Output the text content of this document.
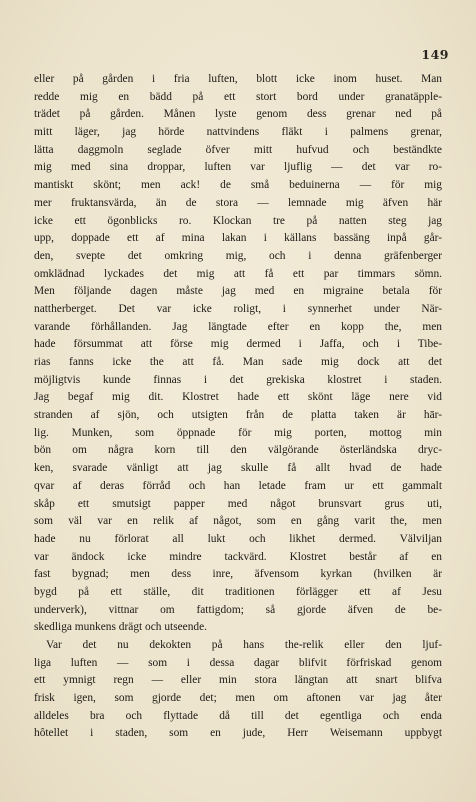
149
eller på gården i fria luften, blott icke inom huset. Man
redde mig en bädd på ett stort bord under granatäpple-
trädet på gården. Månen lyste genom dess grenar ned på
mitt läger, jag hörde nattvindens fläkt i palmens grenar,
lätta daggmoln seglade öfver mitt hufvud och beständkte
mig med sina droppar, luften var ljuflig — det var ro-
mantiskt skönt; men ack! de små beduinerna — för mig
mer fruktansvärda, än de stora — lemnade mig äfven här
icke ett ögonblicks ro. Klockan tre på natten steg jag
upp, doppade ett af mina lakan i källans bassäng inpå går-
den, svepte det omkring mig, och i denna gräfenberger
omklädnad lyckades det mig att få ett par timmars sömn.
Men följande dagen måste jag med en migraine betala för
nattherberget. Det var icke roligt, i synnerhet under När-
varande förhållanden. Jag längtade efter en kopp the, men
hade försummat att förse mig dermed i Jaffa, och i Tibe-
rias fanns icke the att få. Man sade mig dock att det
möjligtvis kunde finnas i det grekiska klostret i staden.
Jag begaf mig dit. Klostret hade ett skönt läge nere vid
stranden af sjön, och utsigten från de platta taken är hār-
lig. Munken, som öppnade för mig porten, mottog min
bön om några korn till den välgörande österländska dryc-
ken, svarade vänligt att jag skulle få allt hvad de hade
qvar af deras förråd och han letade fram ur ett gammalt
skåp ett smutsigt papper med något brunsvart grus uti,
som väl var en relik af något, som en gång varit the, men
hade nu förlorat all lukt och likhet dermed. Välviljan
var ändock icke mindre tackvärd. Klostret består af en
fast bygnad; men dess inre, äfvensom kyrkan (hvilken är
bygd på ett ställe, dit traditionen förlägger ett af Jesu
underverk), vittnar om fattigdom; så gjorde äfven de be-
skedliga munkens drägt och utseende.
Var det nu dekokten på hans the-relik eller den ljuf-
liga luften — som i dessa dagar blifvit förfriskad genom
ett ymnigt regn — eller min stora längtan att snart blifva
frisk igen, som gjorde det; men om aftonen var jag åter
alldeles bra och flyttade då till det egentliga och enda
hôtellet i staden, som en jude, Herr Weisemann uppbygt
